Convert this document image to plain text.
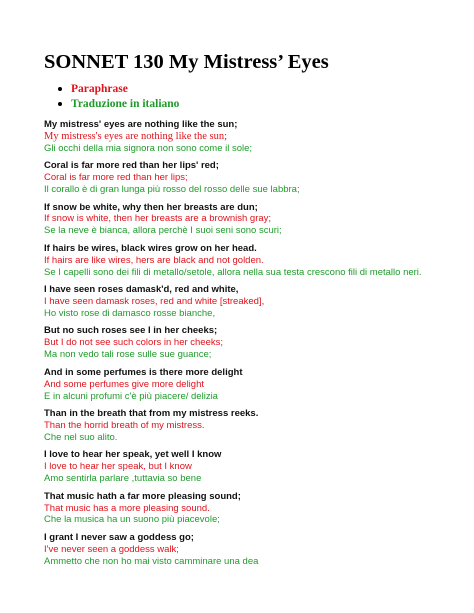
SONNET 130 My Mistress’ Eyes
Paraphrase
Traduzione in italiano
My mistress' eyes are nothing like the sun;
My mistress's eyes are nothing like the sun;
Gli occhi della mia signora non sono come il sole;
Coral is far more red than her lips' red;
Coral is far more red than her lips;
Il corallo è di gran lunga più rosso del rosso delle sue labbra;
If snow be white, why then her breasts are dun;
If snow is white, then her breasts are a brownish gray;
Se la neve è bianca, allora perchè I suoi seni sono scuri;
If hairs be wires, black wires grow on her head.
If hairs are like wires, hers are black and not golden.
Se I capelli sono dei fili di metallo/setole, allora nella sua testa crescono fili di metallo neri.
I have seen roses damask'd, red and white,
I have seen damask roses, red and white [streaked],
Ho visto rose di damasco rosse bianche,
But no such roses see I in her cheeks;
But I do not see such colors in her cheeks;
Ma non vedo tali rose sulle sue guance;
And in some perfumes is there more delight
And some perfumes give more delight
E in alcuni profumi c'è più piacere/ delizia
Than in the breath that from my mistress reeks.
Than the horrid breath of my mistress.
Che nel suo alito.
I love to hear her speak, yet well I know
I love to hear her speak, but I know
Amo sentirla parlare ,tuttavia so bene
That music hath a far more pleasing sound;
That music has a more pleasing sound.
Che la musica ha un suono più piacevole;
I grant I never saw a goddess go;
I've never seen a goddess walk;
Ammetto che non ho mai visto camminare una dea
